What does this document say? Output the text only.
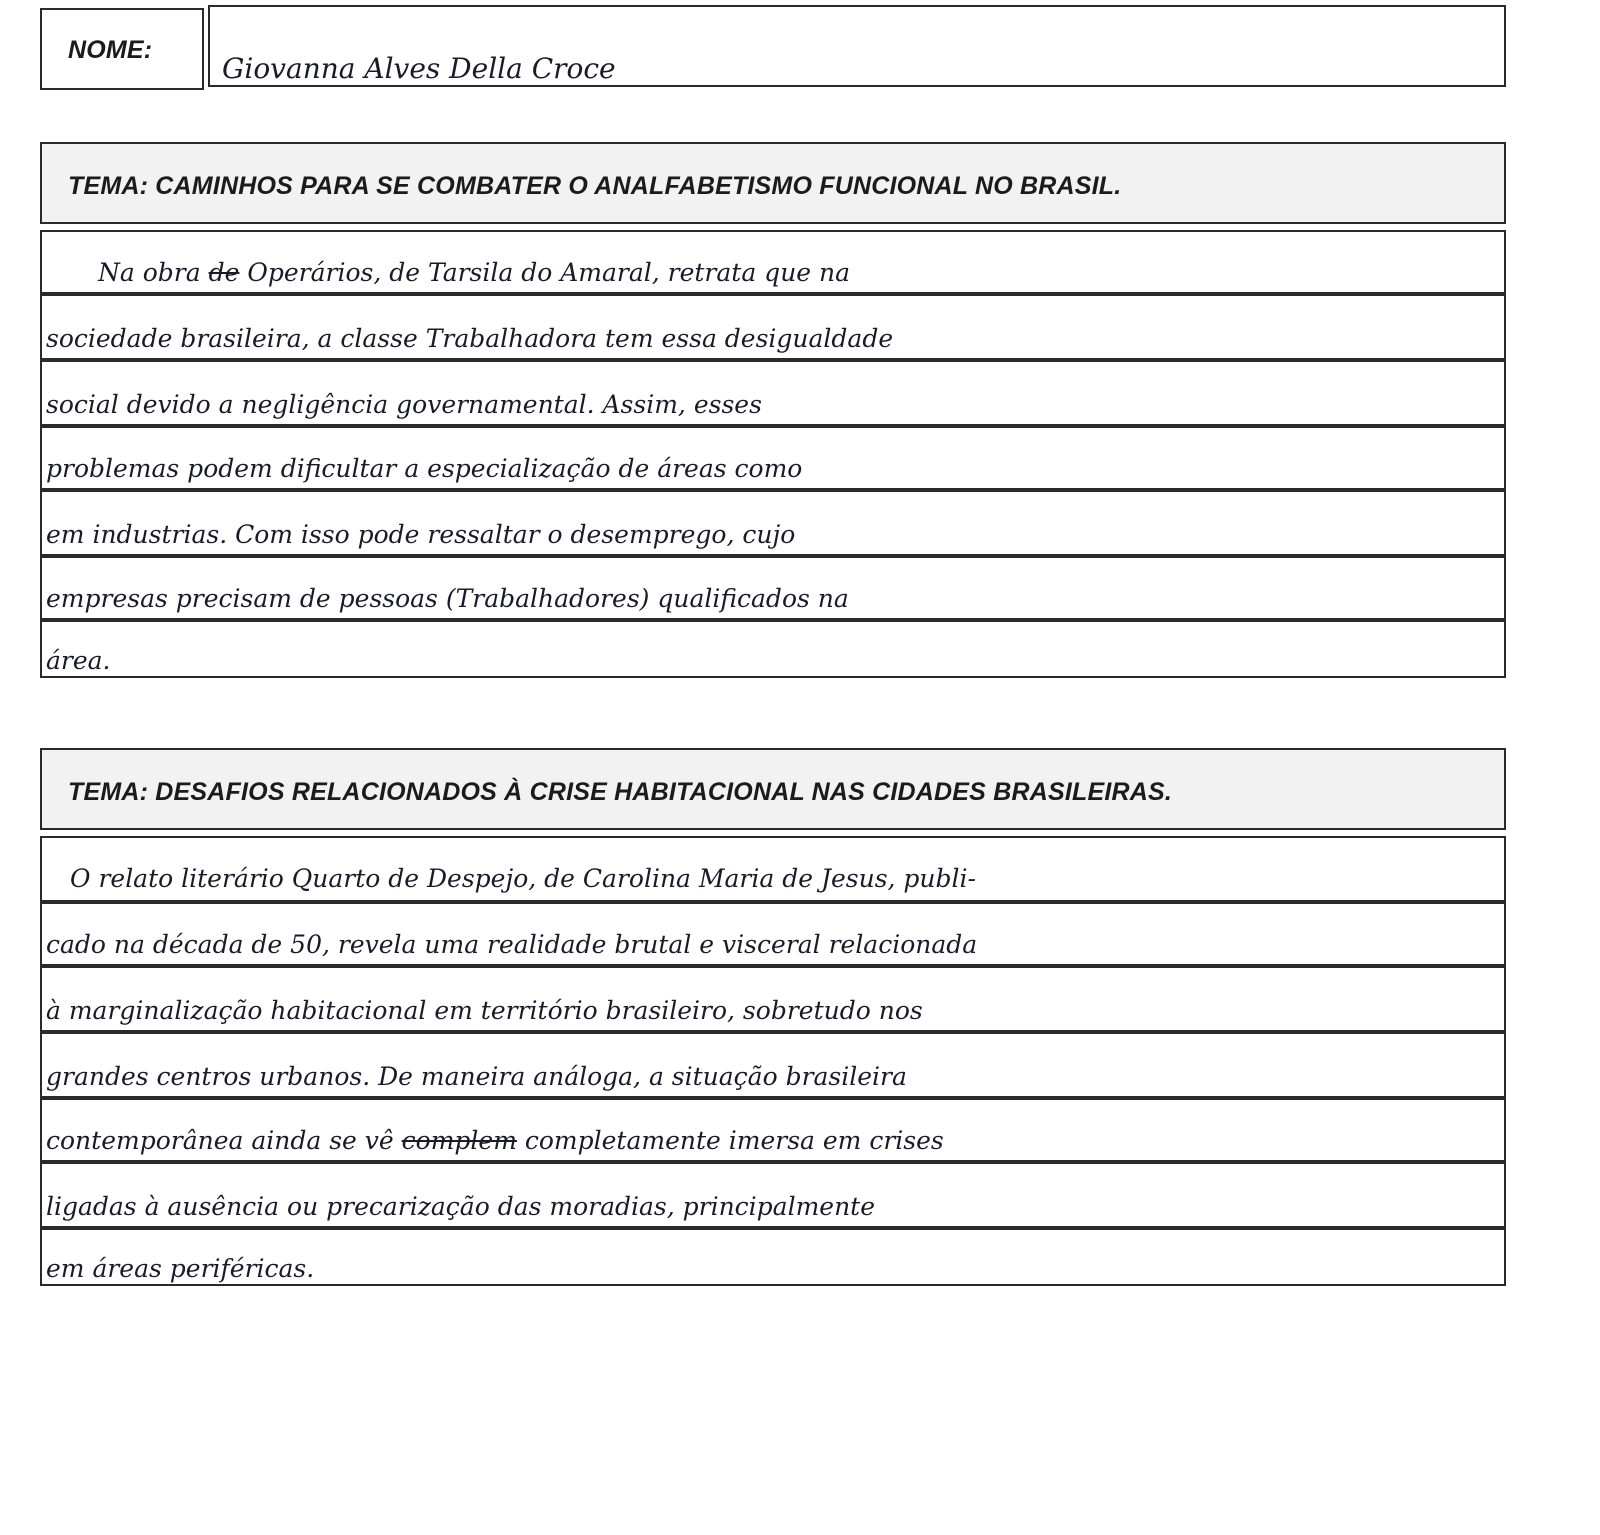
NOME:
Giovanna Alves Della Croce
TEMA: CAMINHOS PARA SE COMBATER O ANALFABETISMO FUNCIONAL NO BRASIL.
Na obra de Operários, de Tarsila do Amaral, retrata que na
sociedade brasileira, a classe Trabalhadora tem essa desigualdade
social devido a negligência governamental. Assim, esses
problemas podem dificultar a especialização de áreas como
em industrias. Com isso pode ressaltar o desemprego, cujo
empresas precisam de pessoas (Trabalhadores) qualificados na
área.
TEMA: DESAFIOS RELACIONADOS À CRISE HABITACIONAL NAS CIDADES BRASILEIRAS.
O relato literário Quarto de Despejo, de Carolina Maria de Jesus, publi-
cado na década de 50, revela uma realidade brutal e visceral relacionada
à marginalização habitacional em território brasileiro, sobretudo nos
grandes centros urbanos. De maneira análoga, a situação brasileira
contemporânea ainda se vê complem completamente imersa em crises
ligadas à ausência ou precarização das moradias, principalmente
em áreas periféricas.
